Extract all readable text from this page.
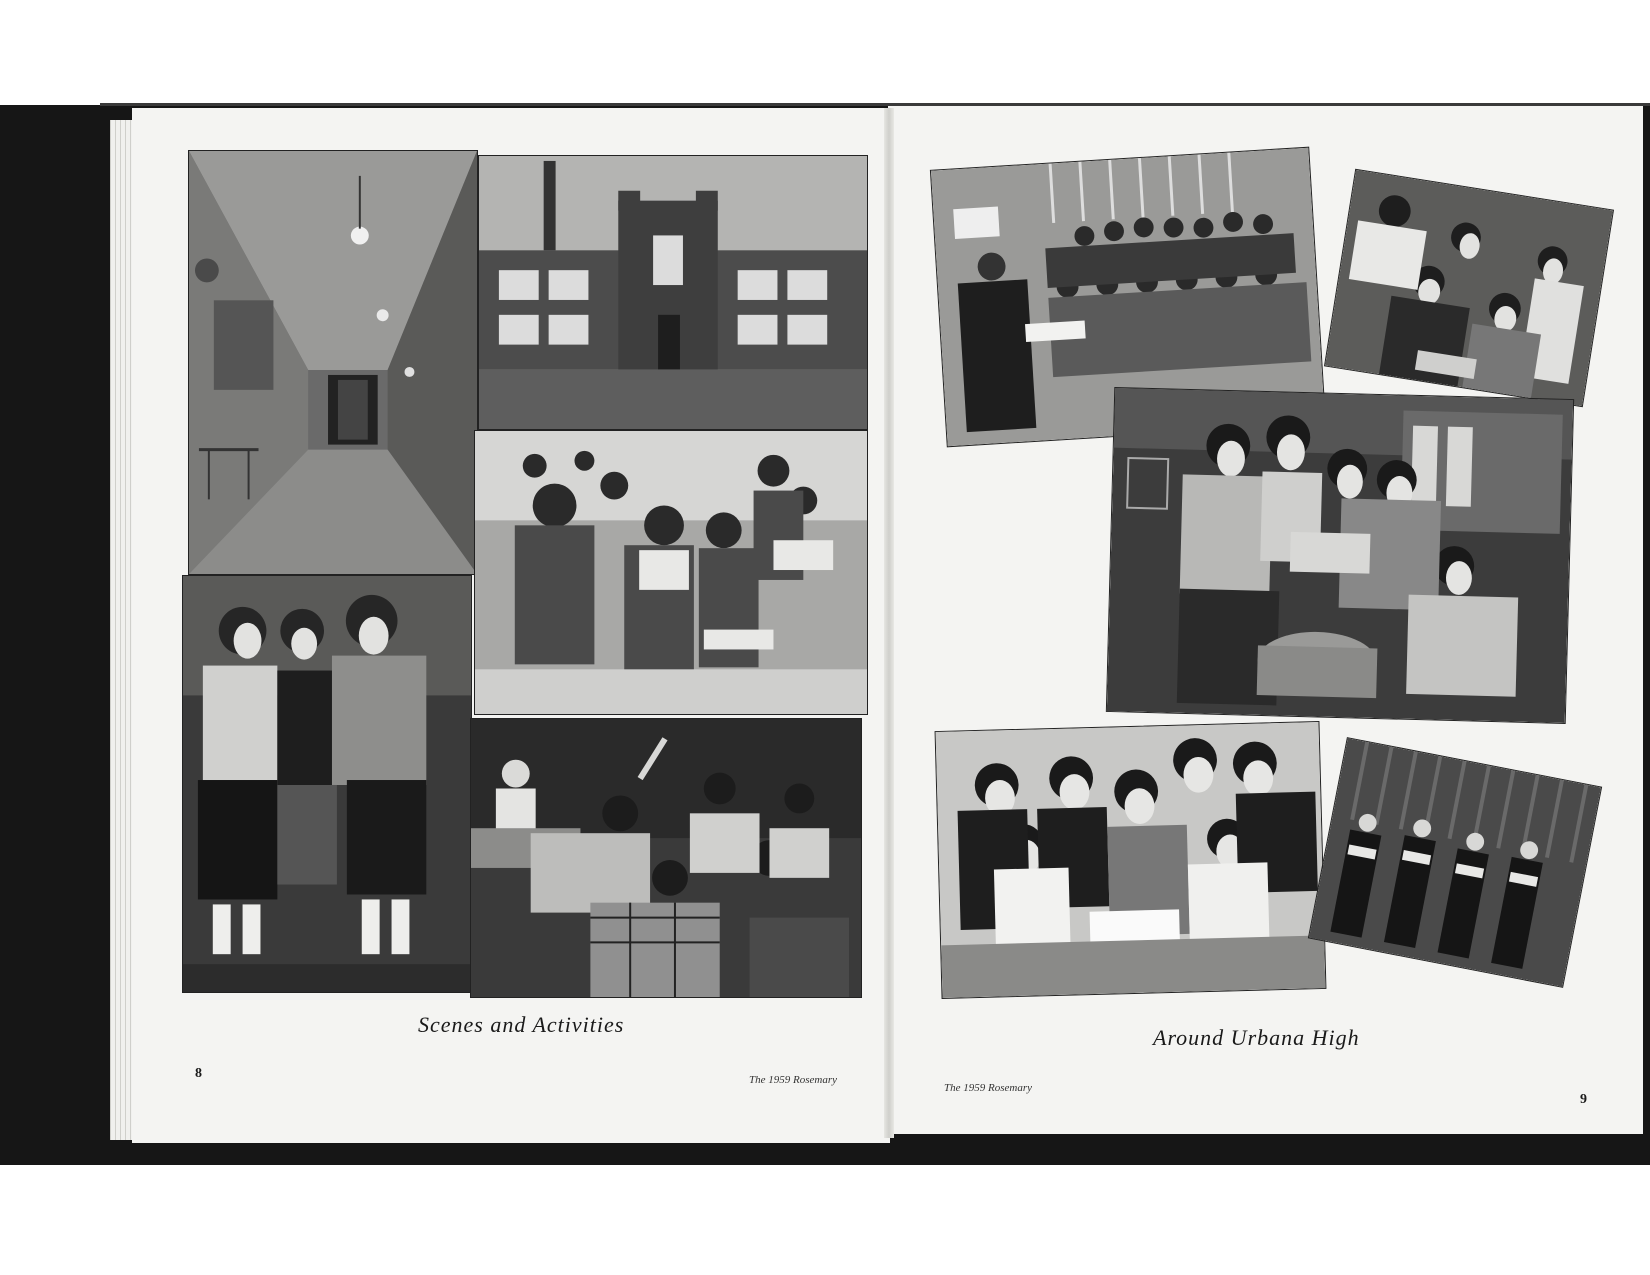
Scenes and Activities
8	The 1959 Rosemary
Around Urbana High
9
The 1959 Rosemary
